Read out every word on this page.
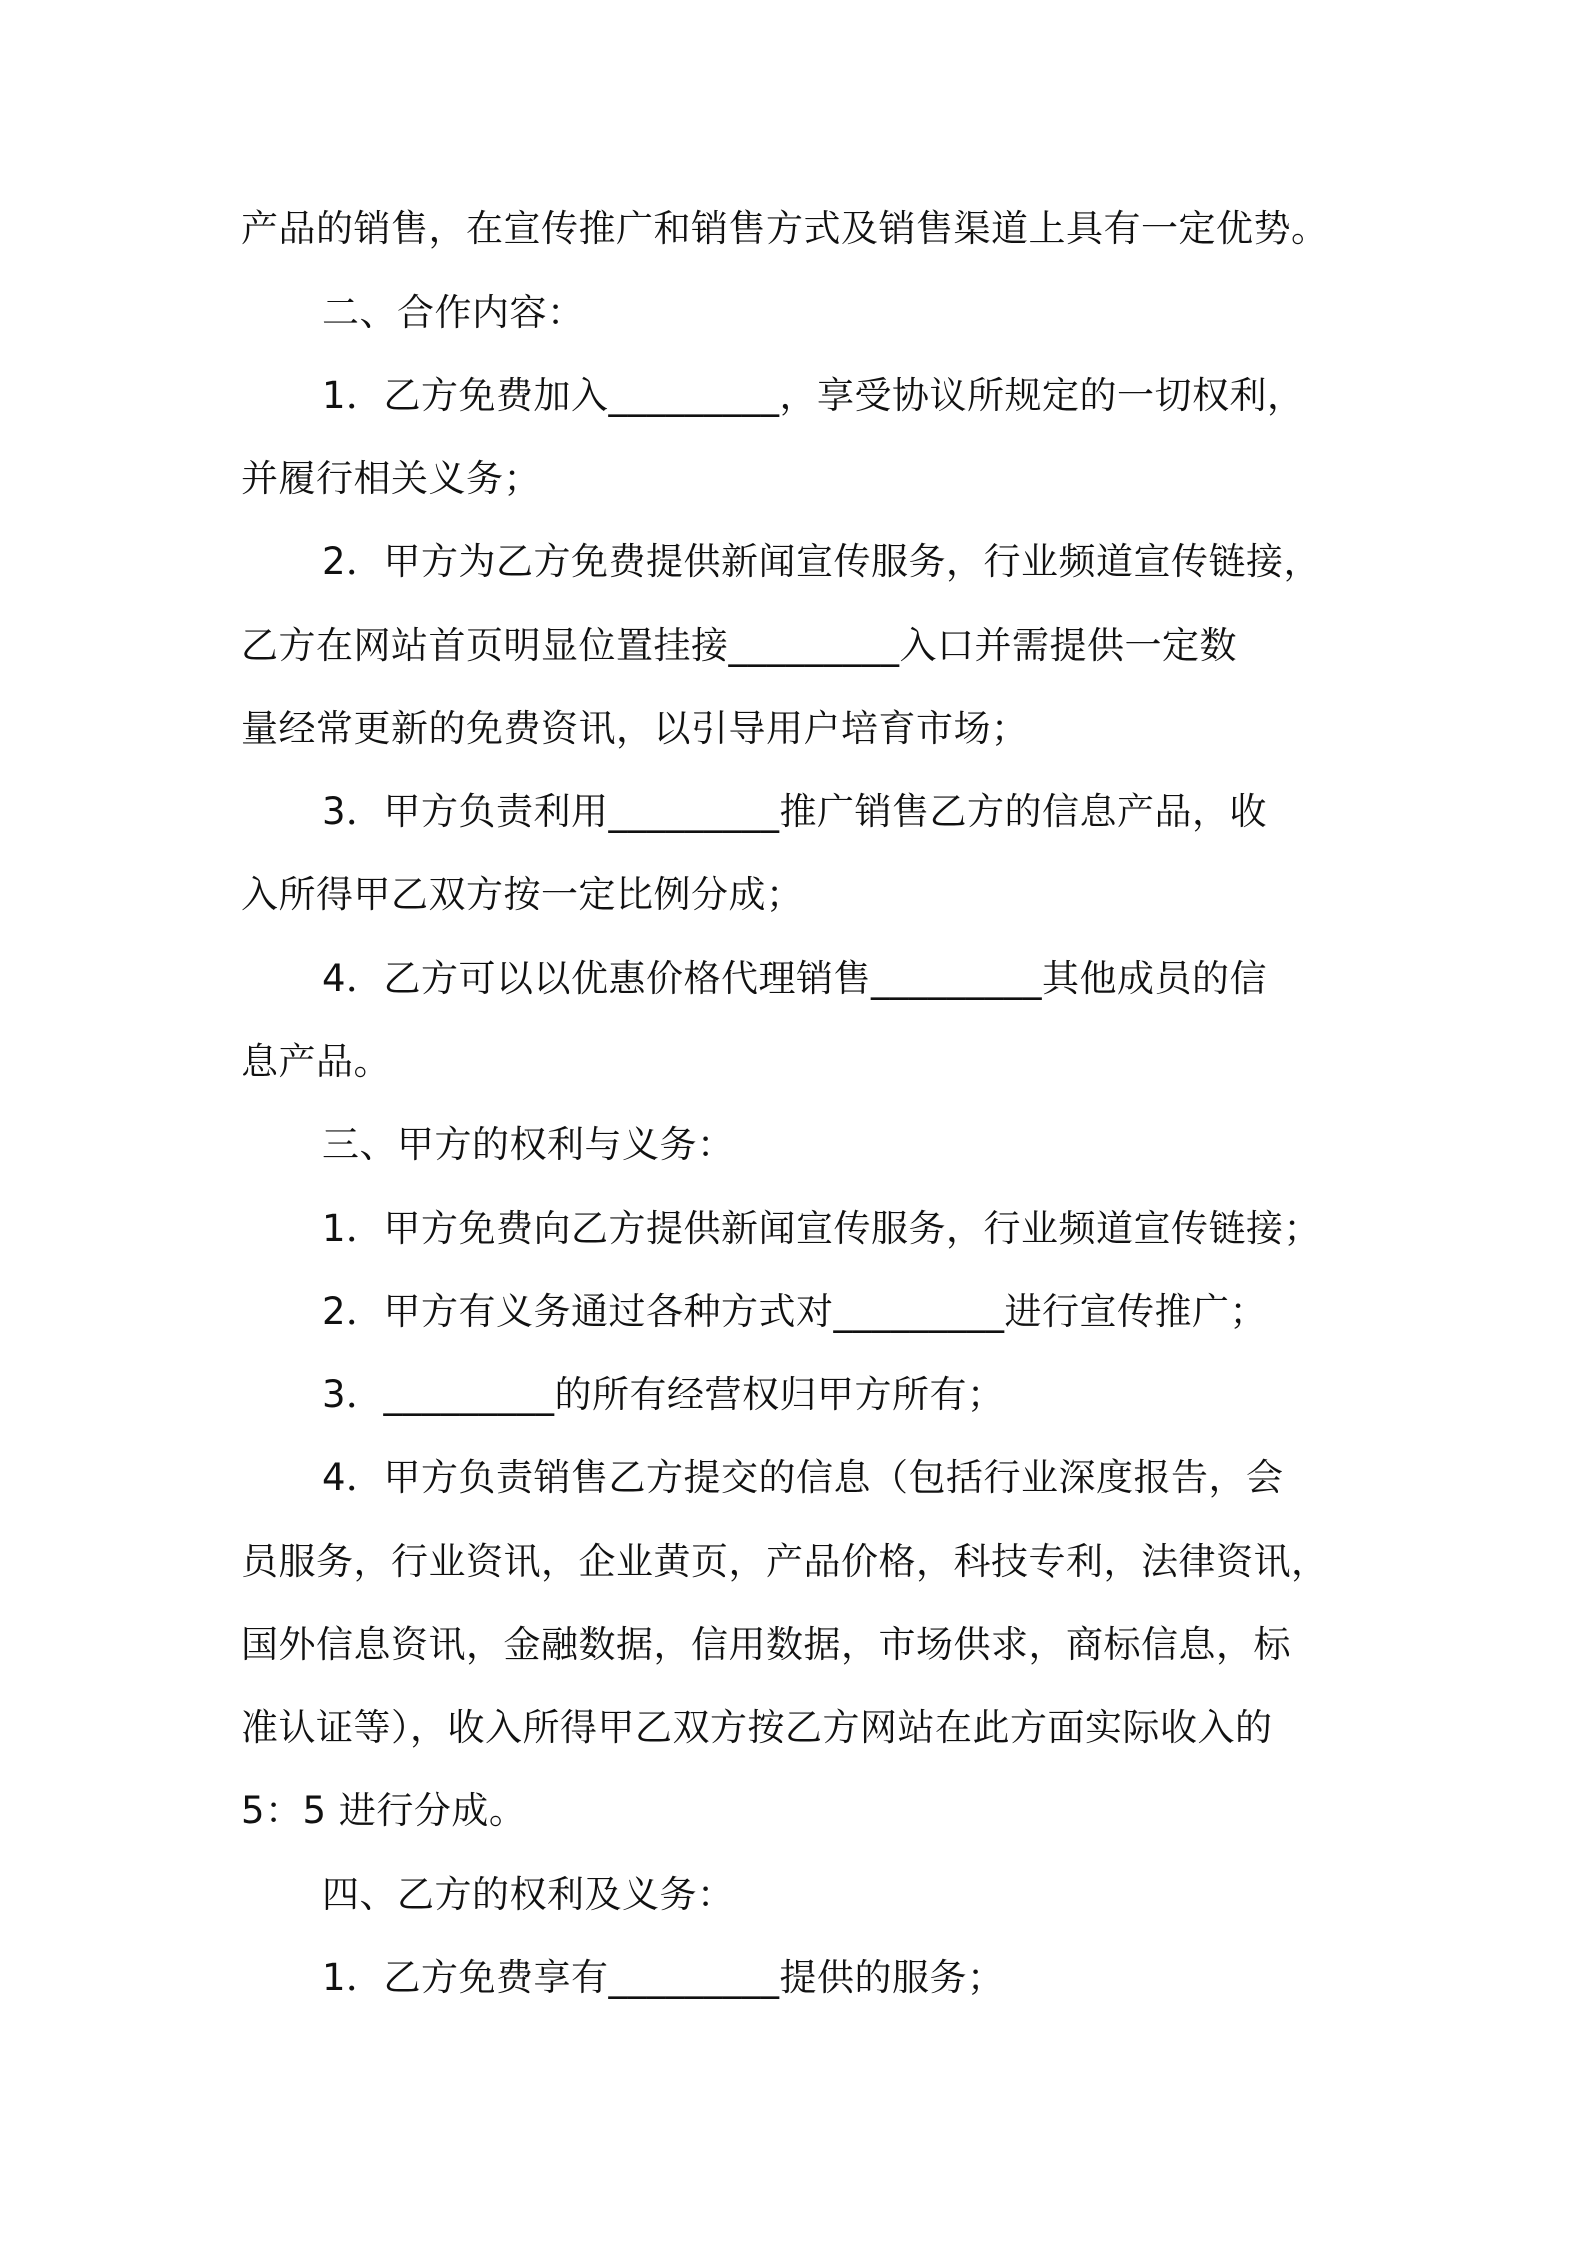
产品的销售，在宣传推广和销售方式及销售渠道上具有一定优势。
二、合作内容：
1．乙方免费加入_________，享受协议所规定的一切权利，
并履行相关义务；
2．甲方为乙方免费提供新闻宣传服务，行业频道宣传链接，
乙方在网站首页明显位置挂接_________入口并需提供一定数
量经常更新的免费资讯，以引导用户培育市场；
3．甲方负责利用_________推广销售乙方的信息产品，收
入所得甲乙双方按一定比例分成；
4．乙方可以以优惠价格代理销售_________其他成员的信
息产品。
三、甲方的权利与义务：
1．甲方免费向乙方提供新闻宣传服务，行业频道宣传链接；
2．甲方有义务通过各种方式对_________进行宣传推广；
3．_________的所有经营权归甲方所有；
4．甲方负责销售乙方提交的信息（包括行业深度报告，会
员服务，行业资讯，企业黄页，产品价格，科技专利，法律资讯，
国外信息资讯，金融数据，信用数据，市场供求，商标信息，标
准认证等），收入所得甲乙双方按乙方网站在此方面实际收入的
5：5 进行分成。
四、乙方的权利及义务：
1．乙方免费享有_________提供的服务；
